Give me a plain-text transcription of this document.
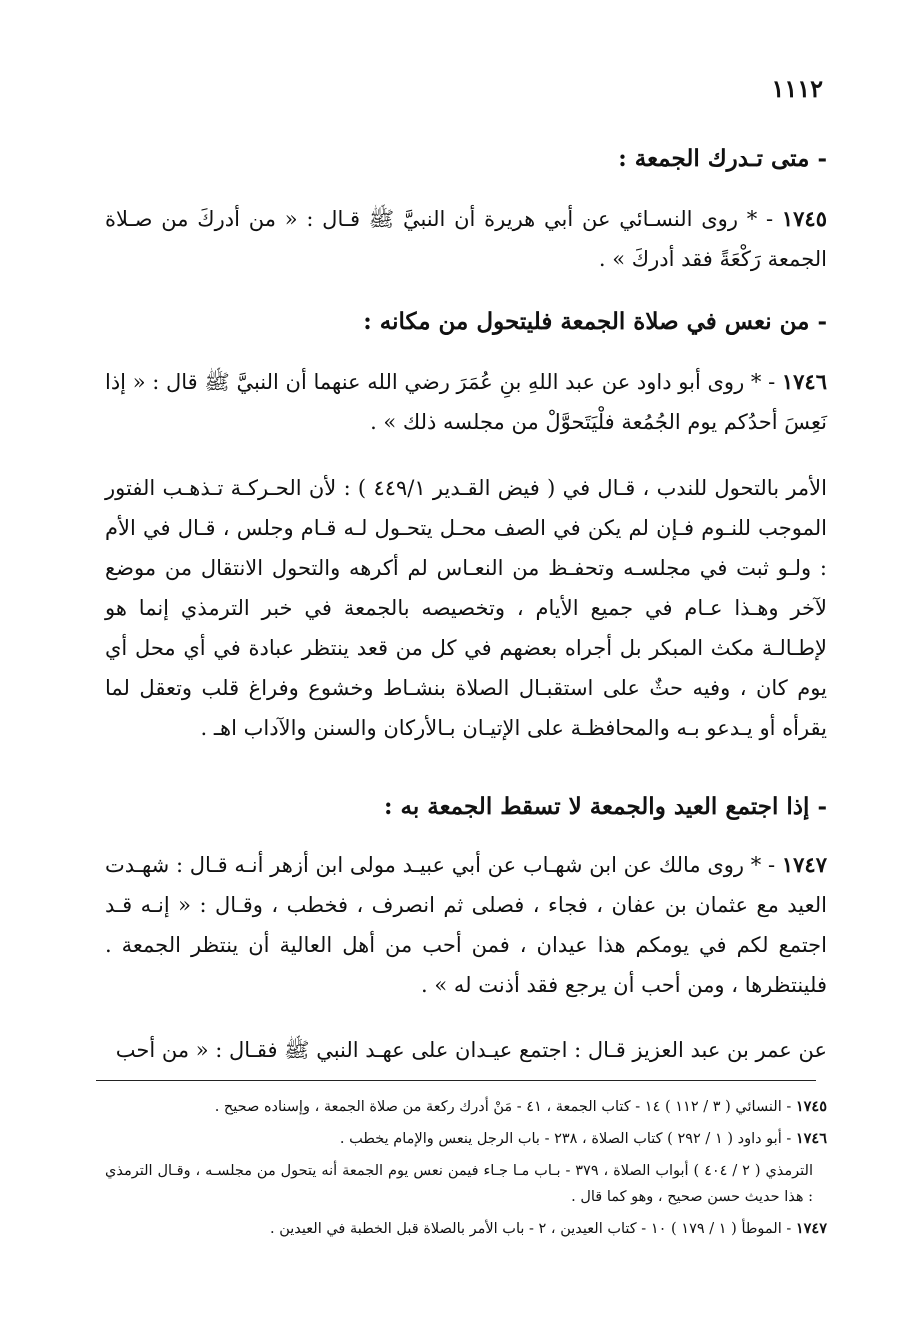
١١١٢
- متى تـدرك الجمعة :
١٧٤٥ - * روى النسـائي عن أبي هريرة أن النبيَّ ﷺ قـال : « من أدركَ من صـلاة الجمعة رَكْعَةً فقد أدركَ » .
- من نعس في صلاة الجمعة فليتحول من مكانه :
١٧٤٦ - * روى أبو داود عن عبد اللهِ بنِ عُمَرَ رضي الله عنهما أن النبيَّ ﷺ قال : « إذا نَعِسَ أحدُكم يوم الجُمُعة فلْيَتَحوَّلْ من مجلسه ذلك » .
الأمر بالتحول للندب ، قـال في ( فيض القـدير ٤٤٩/١ ) : لأن الحـركـة تـذهـب الفتور الموجب للنـوم فـإن لم يكن في الصف محـل يتحـول لـه قـام وجلس ، قـال في الأم : ولـو ثبت في مجلسـه وتحفـظ من النعـاس لم أكرهه والتحول الانتقال من موضع لآخر وهـذا عـام في جميع الأيام ، وتخصيصه بالجمعة في خبر الترمذي إنما هو لإطـالـة مكث المبكر بل أجراه بعضهم في كل من قعد ينتظر عبادة في أي محل أي يوم كان ، وفيه حثٌ على استقبـال الصلاة بنشـاط وخشوع وفراغ قلب وتعقل لما يقرأه أو يـدعو بـه والمحافظـة على الإتيـان بـالأركان والسنن والآداب اهـ .
- إذا اجتمع العيد والجمعة لا تسقط الجمعة به :
١٧٤٧ - * روى مالك عن ابن شهـاب عن أبي عبيـد مولى ابن أزهر أنـه قـال : شهـدت العيد مع عثمان بن عفان ، فجاء ، فصلى ثم انصرف ، فخطب ، وقـال : « إنـه قـد اجتمع لكم في يومكم هذا عيدان ، فمن أحب من أهل العالية أن ينتظر الجمعة . فلينتظرها ، ومن أحب أن يرجع فقد أذنت له » .
عن عمر بن عبد العزيز قـال : اجتمع عيـدان على عهـد النبي ﷺ فقـال : « من أحب
١٧٤٥ - النسائي ( ٣ / ١١٢ ) ١٤ - كتاب الجمعة ، ٤١ - مَنْ أدرك ركعة من صلاة الجمعة ، وإسناده صحيح .
١٧٤٦ - أبو داود ( ١ / ٢٩٢ ) كتاب الصلاة ، ٢٣٨ - باب الرجل ينعس والإمام يخطب .
الترمذي ( ٢ / ٤٠٤ ) أبواب الصلاة ، ٣٧٩ - بـاب مـا جـاء فيمن نعس يوم الجمعة أنه يتحول من مجلسـه ، وقـال الترمذي : هذا حديث حسن صحيح ، وهو كما قال .
١٧٤٧ - الموطأ ( ١ / ١٧٩ ) ١٠ - كتاب العيدين ، ٢ - باب الأمر بالصلاة قبل الخطبة في العيدين .
